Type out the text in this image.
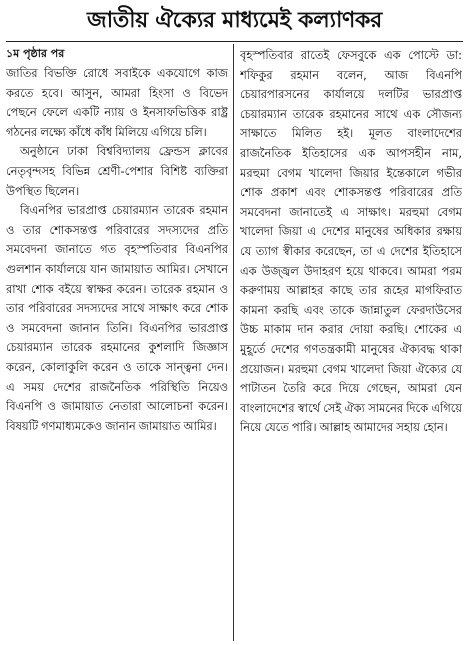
জাতীয় ঐক্যের মাধ্যমেই কল্যাণকর
১ম পৃষ্ঠার পর

জাতির বিভক্তি রোধে সবাইকে একযোগে কাজ করতে হবে। আসুন, আমরা হিংসা ও বিভেদ পেছনে ফেলে একটি ন্যায় ও ইনসাফভিত্তিক রাষ্ট্র গঠনের লক্ষ্যে কাঁধে কাঁধ মিলিয়ে এগিয়ে চলি।

অনুষ্ঠানে ঢাকা বিশ্ববিদ্যালয় ফ্রেন্ডস ক্লাবের নেতৃবৃন্দসহ বিভিন্ন শ্রেণী-পেশার বিশিষ্ট ব্যক্তিরা উপস্থিত ছিলেন।

বিএনপির ভারপ্রাপ্ত চেয়ারম্যান তারেক রহমান ও তার শোকসন্তপ্ত পরিবারের সদস্যদের প্রতি সমবেদনা জানাতে গত বৃহস্পতিবার বিএনপির গুলশান কার্যালয়ে যান জামায়াত আমির। সেখানে রাখা শোক বইয়ে স্বাক্ষর করেন। তারেক রহমান ও তার পরিবারের সদস্যদের সাথে সাক্ষাৎ করে শোক ও সমবেদনা জানান তিনি। বিএনপির ভারপ্রাপ্ত চেয়ারম্যান তারেক রহমানের কুশলাদি জিজ্ঞাস করেন, কোলাকুলি করেন ও তাকে সান্ত্বনা দেন। এ সময় দেশের রাজনৈতিক পরিস্থিতি নিয়েও বিএনপি ও জামায়াত নেতারা আলোচনা করেন। বিষয়টি গণমাধ্যমকেও জানান জামায়াত আমির।

বৃহস্পতিবার রাতেই ফেসবুকে এক পোস্টে ডা: শফিকুর রহমান বলেন, আজ বিএনপি চেয়ারপারসনের কার্যালয়ে দলটির ভারপ্রাপ্ত চেয়ারম্যান তারেক রহমানের সাথে এক সৌজন্য সাক্ষাতে মিলিত হই। মূলত বাংলাদেশের রাজনৈতিক ইতিহাসের এক আপসহীন নাম, মরহুমা বেগম খালেদা জিয়ার ইন্তেকালে গভীর শোক প্রকাশ এবং শোকসন্তপ্ত পরিবারের প্রতি সমবেদনা জানাতেই এ সাক্ষাৎ। মরহুমা বেগম খালেদা জিয়া এ দেশের মানুষের অধিকার রক্ষায় যে ত্যাগ স্বীকার করেছেন, তা এ দেশের ইতিহাসে এক উজ্জ্বল উদাহরণ হয়ে থাকবে। আমরা পরম করুণাময় আল্লাহর কাছে তার রূহের মাগফিরাত কামনা করছি এবং তাকে জান্নাতুল ফেরদাউসের উচ্চ মাকাম দান করার দোয়া করছি। শোকের এ মুহূর্তে দেশের গণতন্ত্রকামী মানুষের ঐক্যবদ্ধ থাকা প্রয়োজন। মরহুমা বেগম খালেদা জিয়া ঐক্যের যে পাটাতন তৈরি করে দিয়ে গেছেন, আমরা যেন বাংলাদেশের স্বার্থে সেই ঐক্য সামনের দিকে এগিয়ে নিয়ে যেতে পারি। আল্লাহ আমাদের সহায় হোন।
